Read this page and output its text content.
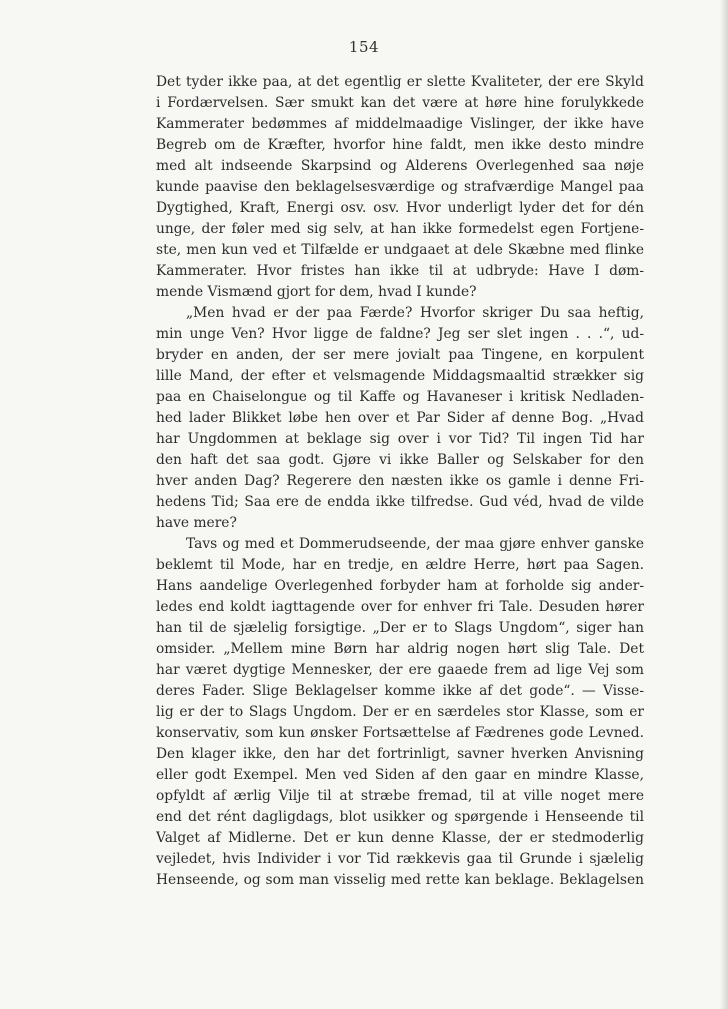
154
Det tyder ikke paa, at det egentlig er slette Kvaliteter, der ere Skyld
i Fordærvelsen. Sær smukt kan det være at høre hine forulykkede
Kammerater bedømmes af middelmaadige Vislinger, der ikke have
Begreb om de Kræfter, hvorfor hine faldt, men ikke desto mindre
med alt indseende Skarpsind og Alderens Overlegenhed saa nøje
kunde paavise den beklagelsesværdige og strafværdige Mangel paa
Dygtighed, Kraft, Energi osv. osv. Hvor underligt lyder det for dén
unge, der føler med sig selv, at han ikke formedelst egen Fortjene-
ste, men kun ved et Tilfælde er undgaaet at dele Skæbne med flinke
Kammerater. Hvor fristes han ikke til at udbryde: Have I døm-
mende Vismænd gjort for dem, hvad I kunde?
„Men hvad er der paa Færde? Hvorfor skriger Du saa heftig,
min unge Ven? Hvor ligge de faldne? Jeg ser slet ingen . . .“, ud-
bryder en anden, der ser mere jovialt paa Tingene, en korpulent
lille Mand, der efter et velsmagende Middagsmaaltid strækker sig
paa en Chaiselongue og til Kaffe og Havaneser i kritisk Nedladen-
hed lader Blikket løbe hen over et Par Sider af denne Bog. „Hvad
har Ungdommen at beklage sig over i vor Tid? Til ingen Tid har
den haft det saa godt. Gjøre vi ikke Baller og Selskaber for den
hver anden Dag? Regerere den næsten ikke os gamle i denne Fri-
hedens Tid; Saa ere de endda ikke tilfredse. Gud véd, hvad de vilde
have mere?
Tavs og med et Dommerudseende, der maa gjøre enhver ganske
beklemt til Mode, har en tredje, en ældre Herre, hørt paa Sagen.
Hans aandelige Overlegenhed forbyder ham at forholde sig ander-
ledes end koldt iagttagende over for enhver fri Tale. Desuden hører
han til de sjælelig forsigtige. „Der er to Slags Ungdom“, siger han
omsider. „Mellem mine Børn har aldrig nogen hørt slig Tale. Det
har været dygtige Mennesker, der ere gaaede frem ad lige Vej som
deres Fader. Slige Beklagelser komme ikke af det gode“. — Visse-
lig er der to Slags Ungdom. Der er en særdeles stor Klasse, som er
konservativ, som kun ønsker Fortsættelse af Fædrenes gode Levned.
Den klager ikke, den har det fortrinligt, savner hverken Anvisning
eller godt Exempel. Men ved Siden af den gaar en mindre Klasse,
opfyldt af ærlig Vilje til at stræbe fremad, til at ville noget mere
end det rént dagligdags, blot usikker og spørgende i Henseende til
Valget af Midlerne. Det er kun denne Klasse, der er stedmoderlig
vejledet, hvis Individer i vor Tid rækkevis gaa til Grunde i sjælelig
Henseende, og som man visselig med rette kan beklage. Beklagelsen
